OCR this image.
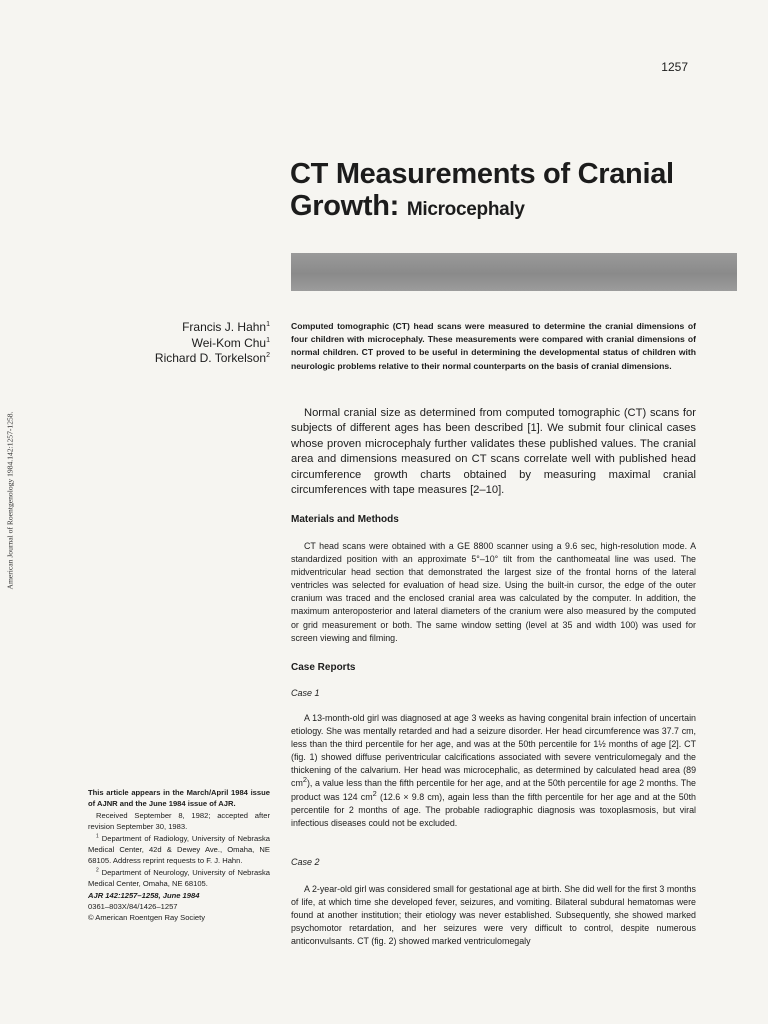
American Journal of Roentgenology 1984.142:1257-1258.
1257
CT Measurements of Cranial
Growth: Microcephaly
Francis J. Hahn$^1$
Wei-Kom Chu$^1$
Richard D. Torkelson$^2$
Computed tomographic (CT) head scans were measured to determine the cranial dimensions of four children with microcephaly. These measurements were compared with cranial dimensions of normal children. CT proved to be useful in determining the developmental status of children with neurologic problems relative to their normal counterparts on the basis of cranial dimensions.
Normal cranial size as determined from computed tomographic (CT) scans for subjects of different ages has been described [1]. We submit four clinical cases whose proven microcephaly further validates these published values. The cranial area and dimensions measured on CT scans correlate well with published head circumference growth charts obtained by measuring maximal cranial circumferences with tape measures [2–10].
Materials and Methods
CT head scans were obtained with a GE 8800 scanner using a 9.6 sec, high-resolution mode. A standardized position with an approximate 5°–10° tilt from the canthomeatal line was used. The midventricular head section that demonstrated the largest size of the frontal horns of the lateral ventricles was selected for evaluation of head size. Using the built-in cursor, the edge of the outer cranium was traced and the enclosed cranial area was calculated by the computer. In addition, the maximum anteroposterior and lateral diameters of the cranium were also measured by the computed or grid measurement or both. The same window setting (level at 35 and width 100) was used for screen viewing and filming.
Case Reports
Case 1
A 13-month-old girl was diagnosed at age 3 weeks as having congenital brain infection of uncertain etiology. She was mentally retarded and had a seizure disorder. Her head circumference was 37.7 cm, less than the third percentile for her age, and was at the 50th percentile for 1½ months of age [2]. CT (fig. 1) showed diffuse periventricular calcifications associated with severe ventriculomegaly and the thickening of the calvarium. Her head was microcephalic, as determined by calculated head area (89 $cm^2$), a value less than the fifth percentile for her age, and at the 50th percentile for age 2 months. The product was 124 $cm^2$ (12.6 × 9.8 cm), again less than the fifth percentile for her age and at the 50th percentile for 2 months of age. The probable radiographic diagnosis was toxoplasmosis, but viral infectious diseases could not be excluded.
Case 2
A 2-year-old girl was considered small for gestational age at birth. She did well for the first 3 months of life, at which time she developed fever, seizures, and vomiting. Bilateral subdural hematomas were found at another institution; their etiology was never established. Subsequently, she showed marked psychomotor retardation, and her seizures were very difficult to control, despite numerous anticonvulsants. CT (fig. 2) showed marked ventriculomegaly

This article appears in the March/April 1984 issue of AJNR and the June 1984 issue of AJR.

Received September 8, 1982; accepted after revision September 30, 1983.

$^1$ Department of Radiology, University of Nebraska Medical Center, 42d & Dewey Ave., Omaha, NE 68105. Address reprint requests to F. J. Hahn.

$^2$ Department of Neurology, University of Nebraska Medical Center, Omaha, NE 68105.

AJR 142:1257–1258, June 1984
0361–803X/84/1426–1257
© American Roentgen Ray Society
